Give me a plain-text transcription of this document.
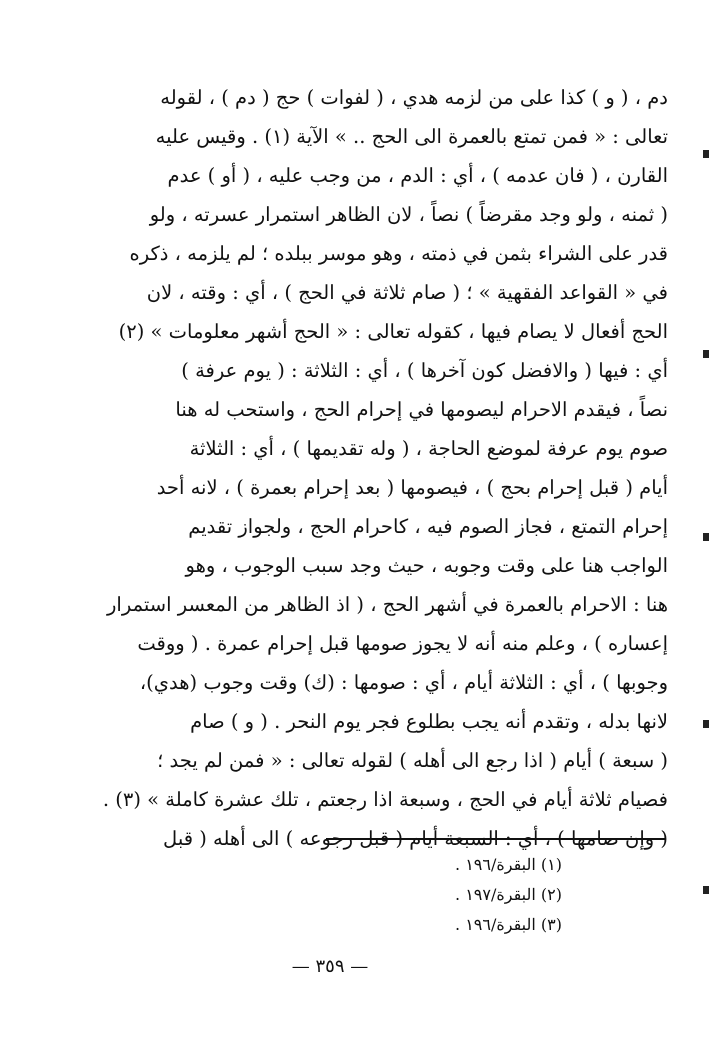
دم ، ( و ) كذا على من لزمه هدي ، ( لفوات ) حج ( دم ) ، لقوله
تعالى : « فمن تمتع بالعمرة الى الحج .. » الآية (١) . وقيس عليه
القارن ، ( فان عدمه ) ، أي : الدم ، من وجب عليه ، ( أو ) عدم
( ثمنه ، ولو وجد مقرضاً ) نصاً ، لان الظاهر استمرار عسرته ، ولو
قدر على الشراء بثمن في ذمته ، وهو موسر ببلده ؛ لم يلزمه ، ذكره
في « القواعد الفقهية » ؛ ( صام ثلاثة في الحج ) ، أي : وقته ، لان
الحج أفعال لا يصام فيها ، كقوله تعالى : « الحج أشهر معلومات » (٢)
أي : فيها ( والافضل كون آخرها ) ، أي : الثلاثة : ( يوم عرفة )
نصاً ، فيقدم الاحرام ليصومها في إحرام الحج ، واستحب له هنا
صوم يوم عرفة لموضع الحاجة ، ( وله تقديمها ) ، أي : الثلاثة
أيام ( قبل إحرام بحج ) ، فيصومها ( بعد إحرام بعمرة ) ، لانه أحد
إحرام التمتع ، فجاز الصوم فيه ، كاحرام الحج ، ولجواز تقديم
الواجب هنا على وقت وجوبه ، حيث وجد سبب الوجوب ، وهو
هنا : الاحرام بالعمرة في أشهر الحج ، ( اذ الظاهر من المعسر استمرار
إعساره ) ، وعلم منه أنه لا يجوز صومها قبل إحرام عمرة . ( ووقت
وجوبها ) ، أي : الثلاثة أيام ، أي : صومها : (ك) وقت وجوب (هدي)،
لانها بدله ، وتقدم أنه يجب بطلوع فجر يوم النحر . ( و ) صام
( سبعة ) أيام ( اذا رجع الى أهله ) لقوله تعالى : « فمن لم يجد ؛
فصيام ثلاثة أيام في الحج ، وسبعة اذا رجعتم ، تلك عشرة كاملة » (٣) .
( وإن صامها ) ، أي : السبعة أيام ( قبل رجوعه ) الى أهله ( قبل
(١) البقرة/١٩٦ .
(٢) البقرة/١٩٧ .
(٣) البقرة/١٩٦ .
— ٣٥٩ —
